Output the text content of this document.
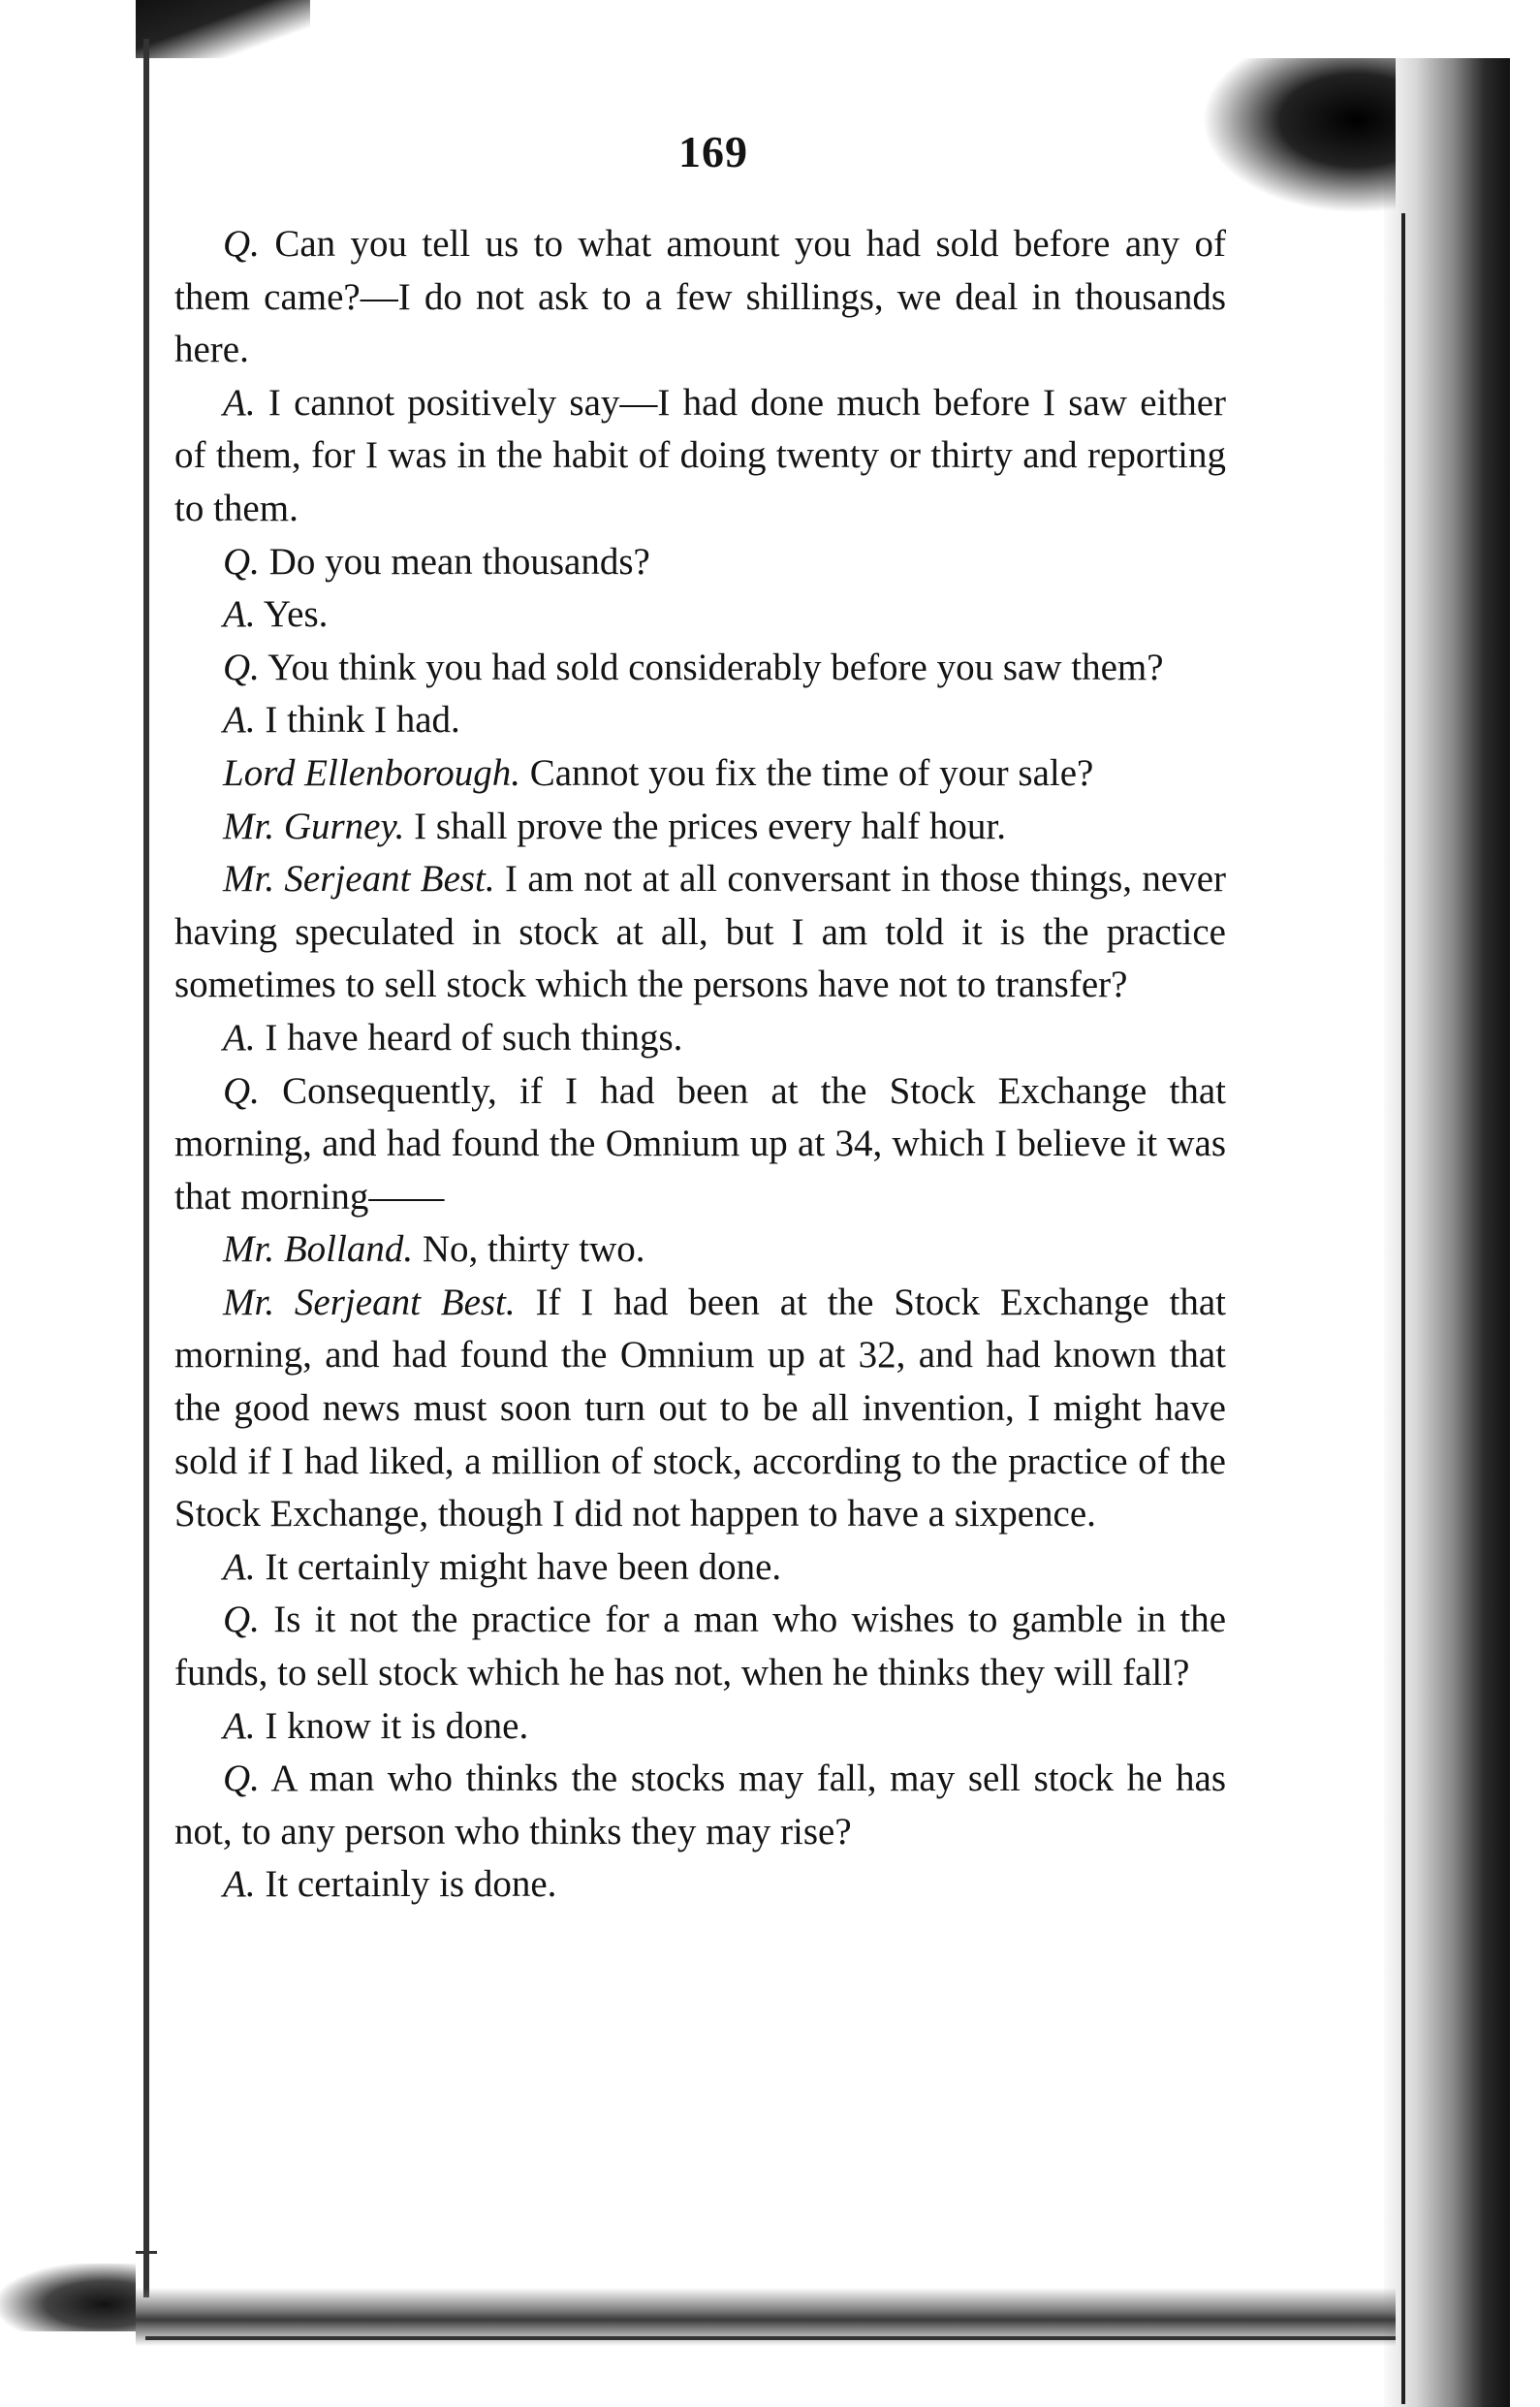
169

Q. Can you tell us to what amount you had sold before any of them came?—I do not ask to a few shillings, we deal in thousands here.

A. I cannot positively say—I had done much before I saw either of them, for I was in the habit of doing twenty or thirty and reporting to them.

Q. Do you mean thousands?

A. Yes.

Q. You think you had sold considerably before you saw them?

A. I think I had.

Lord Ellenborough. Cannot you fix the time of your sale?

Mr. Gurney. I shall prove the prices every half hour.

Mr. Serjeant Best. I am not at all conversant in those things, never having speculated in stock at all, but I am told it is the practice sometimes to sell stock which the persons have not to transfer?

A. I have heard of such things.

Q. Consequently, if I had been at the Stock Exchange that morning, and had found the Omnium up at 34, which I believe it was that morning——

Mr. Bolland. No, thirty two.

Mr. Serjeant Best. If I had been at the Stock Exchange that morning, and had found the Omnium up at 32, and had known that the good news must soon turn out to be all invention, I might have sold if I had liked, a million of stock, according to the practice of the Stock Exchange, though I did not happen to have a sixpence.

A. It certainly might have been done.

Q. Is it not the practice for a man who wishes to gamble in the funds, to sell stock which he has not, when he thinks they will fall?

A. I know it is done.

Q. A man who thinks the stocks may fall, may sell stock he has not, to any person who thinks they may rise?

A. It certainly is done.
